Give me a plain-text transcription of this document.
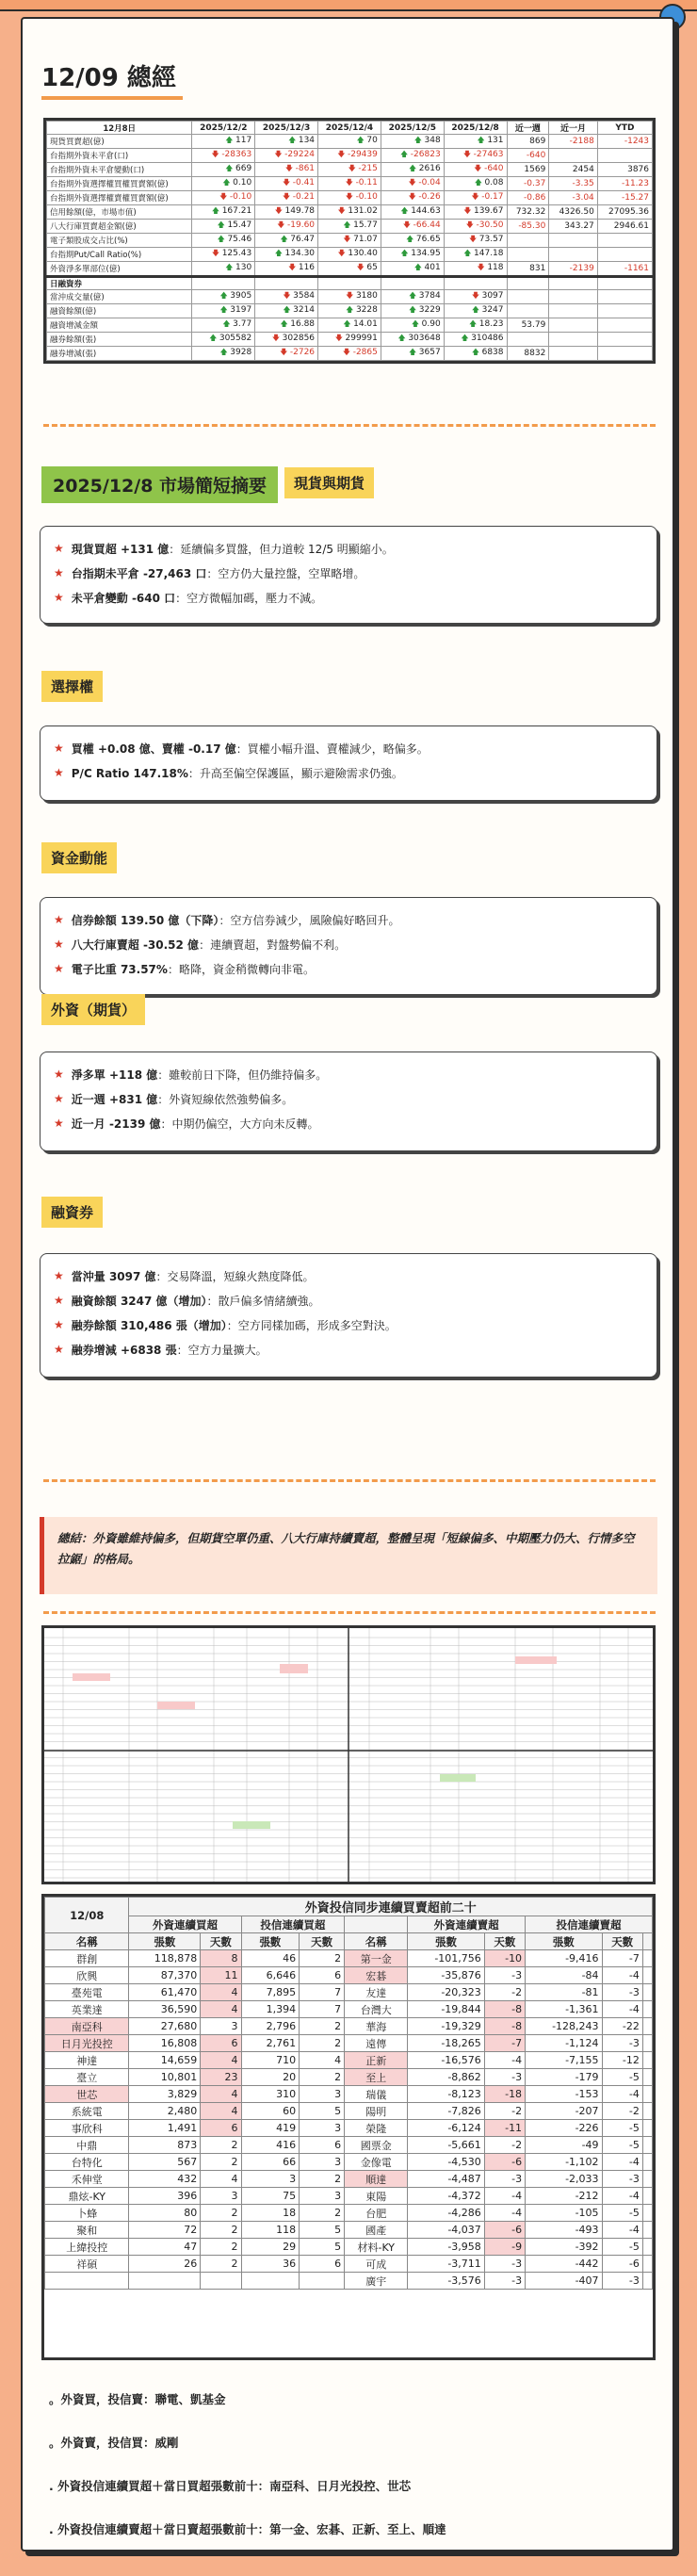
12/09 總經
12月8日	2025/12/2	2025/12/3	2025/12/4	2025/12/5	2025/12/8	近一週	近一月	YTD
現貨買賣超(億)	🡅 117	🡅 134	🡅 70	🡅 348	🡅 131	869	-2188	-1243
台指期外資未平倉(口)	🡇 -28363	🡇 -29224	🡇 -29439	🡅 -26823	🡇 -27463	-640		
台指期外資未平倉變動(口)	🡅 669	🡇 -861	🡇 -215	🡅 2616	🡇 -640	1569	2454	3876
台指期外資選擇權買權買賣額(億)	🡅 0.10	🡇 -0.41	🡇 -0.11	🡇 -0.04	🡅 0.08	-0.37	-3.35	-11.23
台指期外資選擇權賣權買賣額(億)	🡇 -0.10	🡇 -0.21	🡇 -0.10	🡇 -0.26	🡇 -0.17	-0.86	-3.04	-15.27
信用餘額(億，市場市值)	🡅 167.21	🡇 149.78	🡇 131.02	🡅 144.63	🡇 139.67	732.32	4326.50	27095.36
八大行庫買賣超金額(億)	🡅 15.47	🡇 -19.60	🡅 15.77	🡇 -66.44	🡇 -30.50	-85.30	343.27	2946.61
電子類股成交占比(%)	🡅 75.46	🡅 76.47	🡇 71.07	🡅 76.65	🡇 73.57			
台指期Put/Call Ratio(%)	🡇 125.43	🡅 134.30	🡇 130.40	🡅 134.95	🡅 147.18			
外資淨多單部位(億)	🡅 130	🡇 116	🡇 65	🡅 401	🡇 118	831	-2139	-1161
日融資券								
當沖成交量(億)	🡅 3905	🡇 3584	🡇 3180	🡅 3784	🡇 3097			
融資餘額(億)	🡅 3197	🡅 3214	🡅 3228	🡅 3229	🡅 3247			
融資增減金額	🡅 3.77	🡅 16.88	🡅 14.01	🡅 0.90	🡅 18.23	53.79		
融券餘額(張)	🡅 305582	🡇 302856	🡇 299991	🡅 303648	🡅 310486			
融券增減(張)	🡅 3928	🡇 -2726	🡇 -2865	🡅 3657	🡅 6838	8832		
2025/12/8 市場簡短摘要	現貨與期貨
★ 現貨買超 +131 億：延續偏多買盤，但力道較 12/5 明顯縮小。
★ 台指期未平倉 -27,463 口：空方仍大量控盤，空單略增。
★ 未平倉變動 -640 口：空方微幅加碼，壓力不減。
選擇權
★ 買權 +0.08 億、賣權 -0.17 億：買權小幅升溫、賣權減少，略偏多。
★ P/C Ratio 147.18%：升高至偏空保護區，顯示避險需求仍強。
資金動能
★ 信券餘額 139.50 億（下降）：空方信券減少，風險偏好略回升。
★ 八大行庫賣超 -30.52 億：連續賣超，對盤勢偏不利。
★ 電子比重 73.57%：略降，資金稍微轉向非電。
外資（期貨）
★ 淨多單 +118 億：雖較前日下降，但仍維持偏多。
★ 近一週 +831 億：外資短線依然強勢偏多。
★ 近一月 -2139 億：中期仍偏空，大方向未反轉。
融資券
★ 當沖量 3097 億：交易降溫，短線火熱度降低。
★ 融資餘額 3247 億（增加）：散戶偏多情緒續強。
★ 融券餘額 310,486 張（增加）：空方同樣加碼，形成多空對決。
★ 融券增減 +6838 張：空方力量擴大。
總結：外資雖維持偏多，但期貨空單仍重、八大行庫持續賣超，整體呈現「短線偏多、中期壓力仍大、行情多空拉鋸」的格局。
12/08	外資投信同步連續買賣超前二十									
	外資連續買超		投信連續買超			外資連續賣超		投信連續賣超		
名稱	張數	天數	張數	天數	名稱	張數	天數	張數	天數	
群創	118,878	8	46	2	第一金	-101,756	-10	-9,416	-7	
欣興	87,370	11	6,646	6	宏碁	-35,876	-3	-84	-4	
臺苑電	61,470	4	7,895	7	友達	-20,323	-2	-81	-3	
英業達	36,590	4	1,394	7	台灣大	-19,844	-8	-1,361	-4	
南亞科	27,680	3	2,796	2	華海	-19,329	-8	-128,243	-22	
日月光投控	16,808	6	2,761	2	遠傳	-18,265	-7	-1,124	-3	
神達	14,659	4	710	4	正新	-16,576	-4	-7,155	-12	
臺立	10,801	23	20	2	至上	-8,862	-3	-179	-5	
世芯	3,829	4	310	3	瑞儀	-8,123	-18	-153	-4	
系統電	2,480	4	60	5	陽明	-7,826	-2	-207	-2	
事欣科	1,491	6	419	3	榮隆	-6,124	-11	-226	-5	
中鼎	873	2	416	6	國票金	-5,661	-2	-49	-5	
台特化	567	2	66	3	金像電	-4,530	-6	-1,102	-4	
禾伸堂	432	4	3	2	順達	-4,487	-3	-2,033	-3	
鼎炫-KY	396	3	75	3	東陽	-4,372	-4	-212	-4	
卜蜂	80	2	18	2	台肥	-4,286	-4	-105	-5	
聚和	72	2	118	5	國產	-4,037	-6	-493	-4	
上緯投控	47	2	29	5	材料-KY	-3,958	-9	-392	-5	
祥碩	26	2	36	6	可成	-3,711	-3	-442	-6	
					廣宇	-3,576	-3	-407	-3	
。外資買，投信賣：聯電、凱基金
。外資賣，投信買：威剛
. 外資投信連續買超＋當日買超張數前十：南亞科、日月光投控、世芯
. 外資投信連續賣超＋當日賣超張數前十：第一金、宏碁、正新、至上、順達
